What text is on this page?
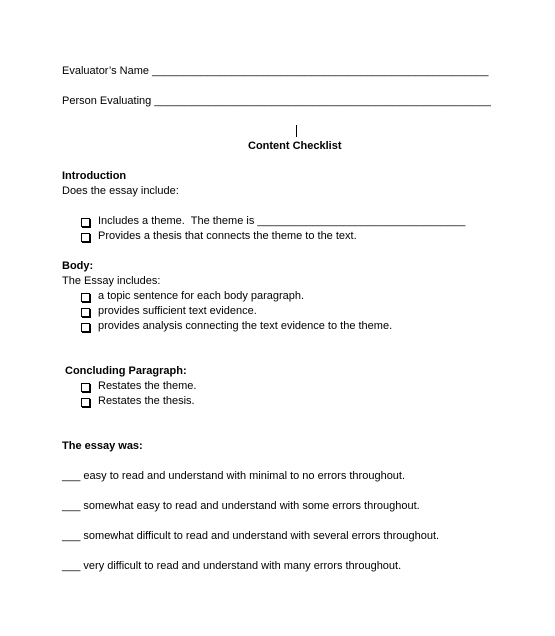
Evaluator’s Name _______________________________________________________
Person Evaluating _______________________________________________________
Content Checklist
Introduction
Does the essay include:

Includes a theme.  The theme is __________________________________

Provides a thesis that connects the theme to the text.

Body:
The Essay includes:

a topic sentence for each body paragraph.

provides sufficient text evidence.

provides analysis connecting the text evidence to the theme.

Concluding Paragraph:

Restates the theme.

Restates the thesis.

The essay was:
___ easy to read and understand with minimal to no errors throughout.
___ somewhat easy to read and understand with some errors throughout.
___ somewhat difficult to read and understand with several errors throughout.
___ very difficult to read and understand with many errors throughout.
